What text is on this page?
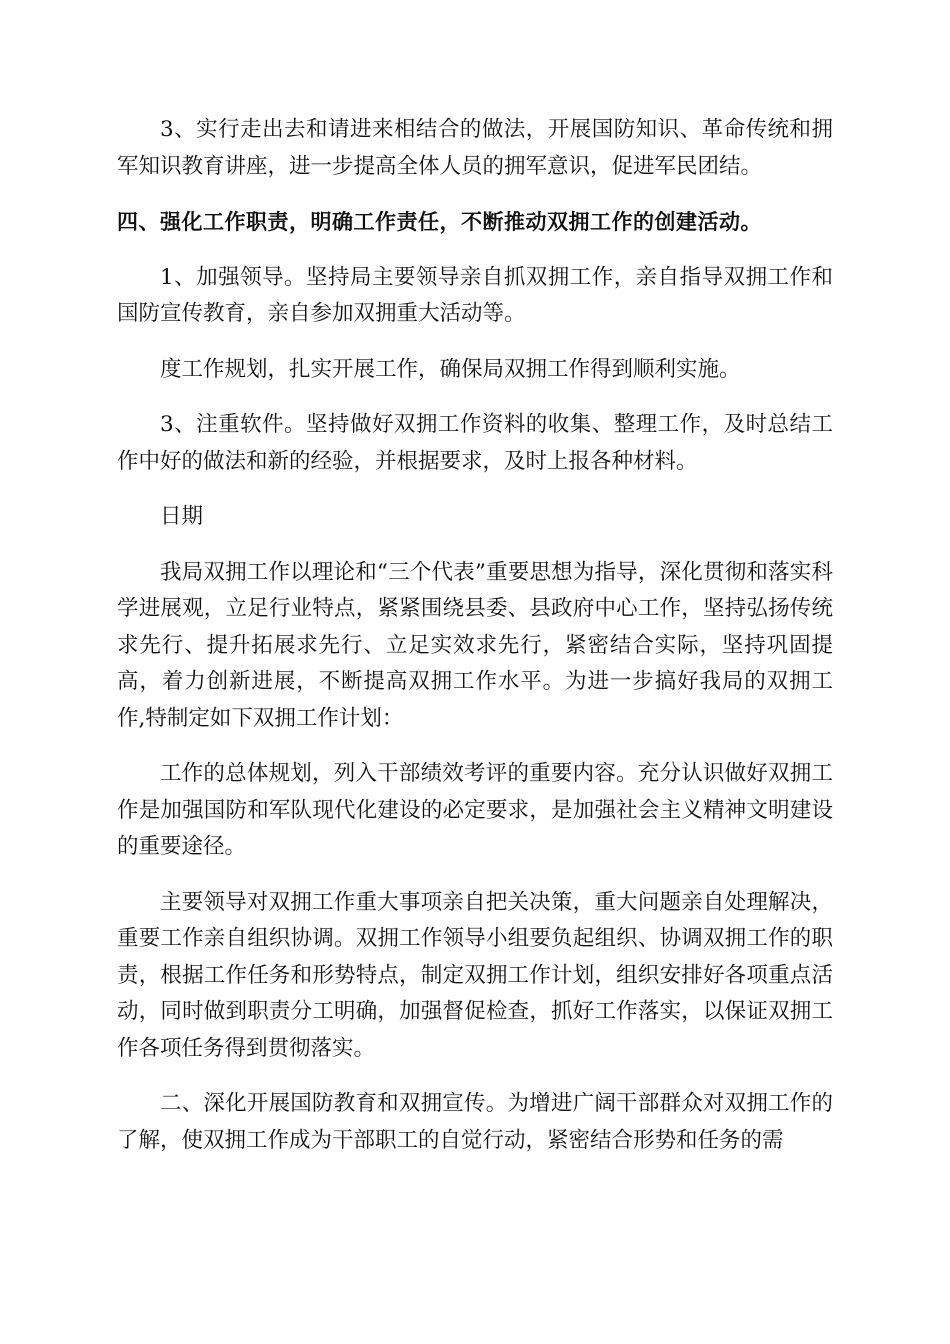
3、实行走出去和请进来相结合的做法，开展国防知识、革命传统和拥军知识教育讲座，进一步提高全体人员的拥军意识，促进军民团结。

四、强化工作职责，明确工作责任，不断推动双拥工作的创建活动。

1、加强领导。坚持局主要领导亲自抓双拥工作，亲自指导双拥工作和国防宣传教育，亲自参加双拥重大活动等。

度工作规划，扎实开展工作，确保局双拥工作得到顺利实施。

3、注重软件。坚持做好双拥工作资料的收集、整理工作，及时总结工作中好的做法和新的经验，并根据要求，及时上报各种材料。

日期

我局双拥工作以理论和“三个代表”重要思想为指导，深化贯彻和落实科学进展观，立足行业特点，紧紧围绕县委、县政府中心工作，坚持弘扬传统求先行、提升拓展求先行、立足实效求先行，紧密结合实际，坚持巩固提高，着力创新进展，不断提高双拥工作水平。为进一步搞好我局的双拥工作,特制定如下双拥工作计划：

工作的总体规划，列入干部绩效考评的重要内容。充分认识做好双拥工作是加强国防和军队现代化建设的必定要求，是加强社会主义精神文明建设的重要途径。

主要领导对双拥工作重大事项亲自把关决策，重大问题亲自处理解决，重要工作亲自组织协调。双拥工作领导小组要负起组织、协调双拥工作的职责，根据工作任务和形势特点，制定双拥工作计划，组织安排好各项重点活动，同时做到职责分工明确，加强督促检查，抓好工作落实，以保证双拥工作各项任务得到贯彻落实。

二、深化开展国防教育和双拥宣传。为增进广阔干部群众对双拥工作的了解，使双拥工作成为干部职工的自觉行动，紧密结合形势和任务的需
